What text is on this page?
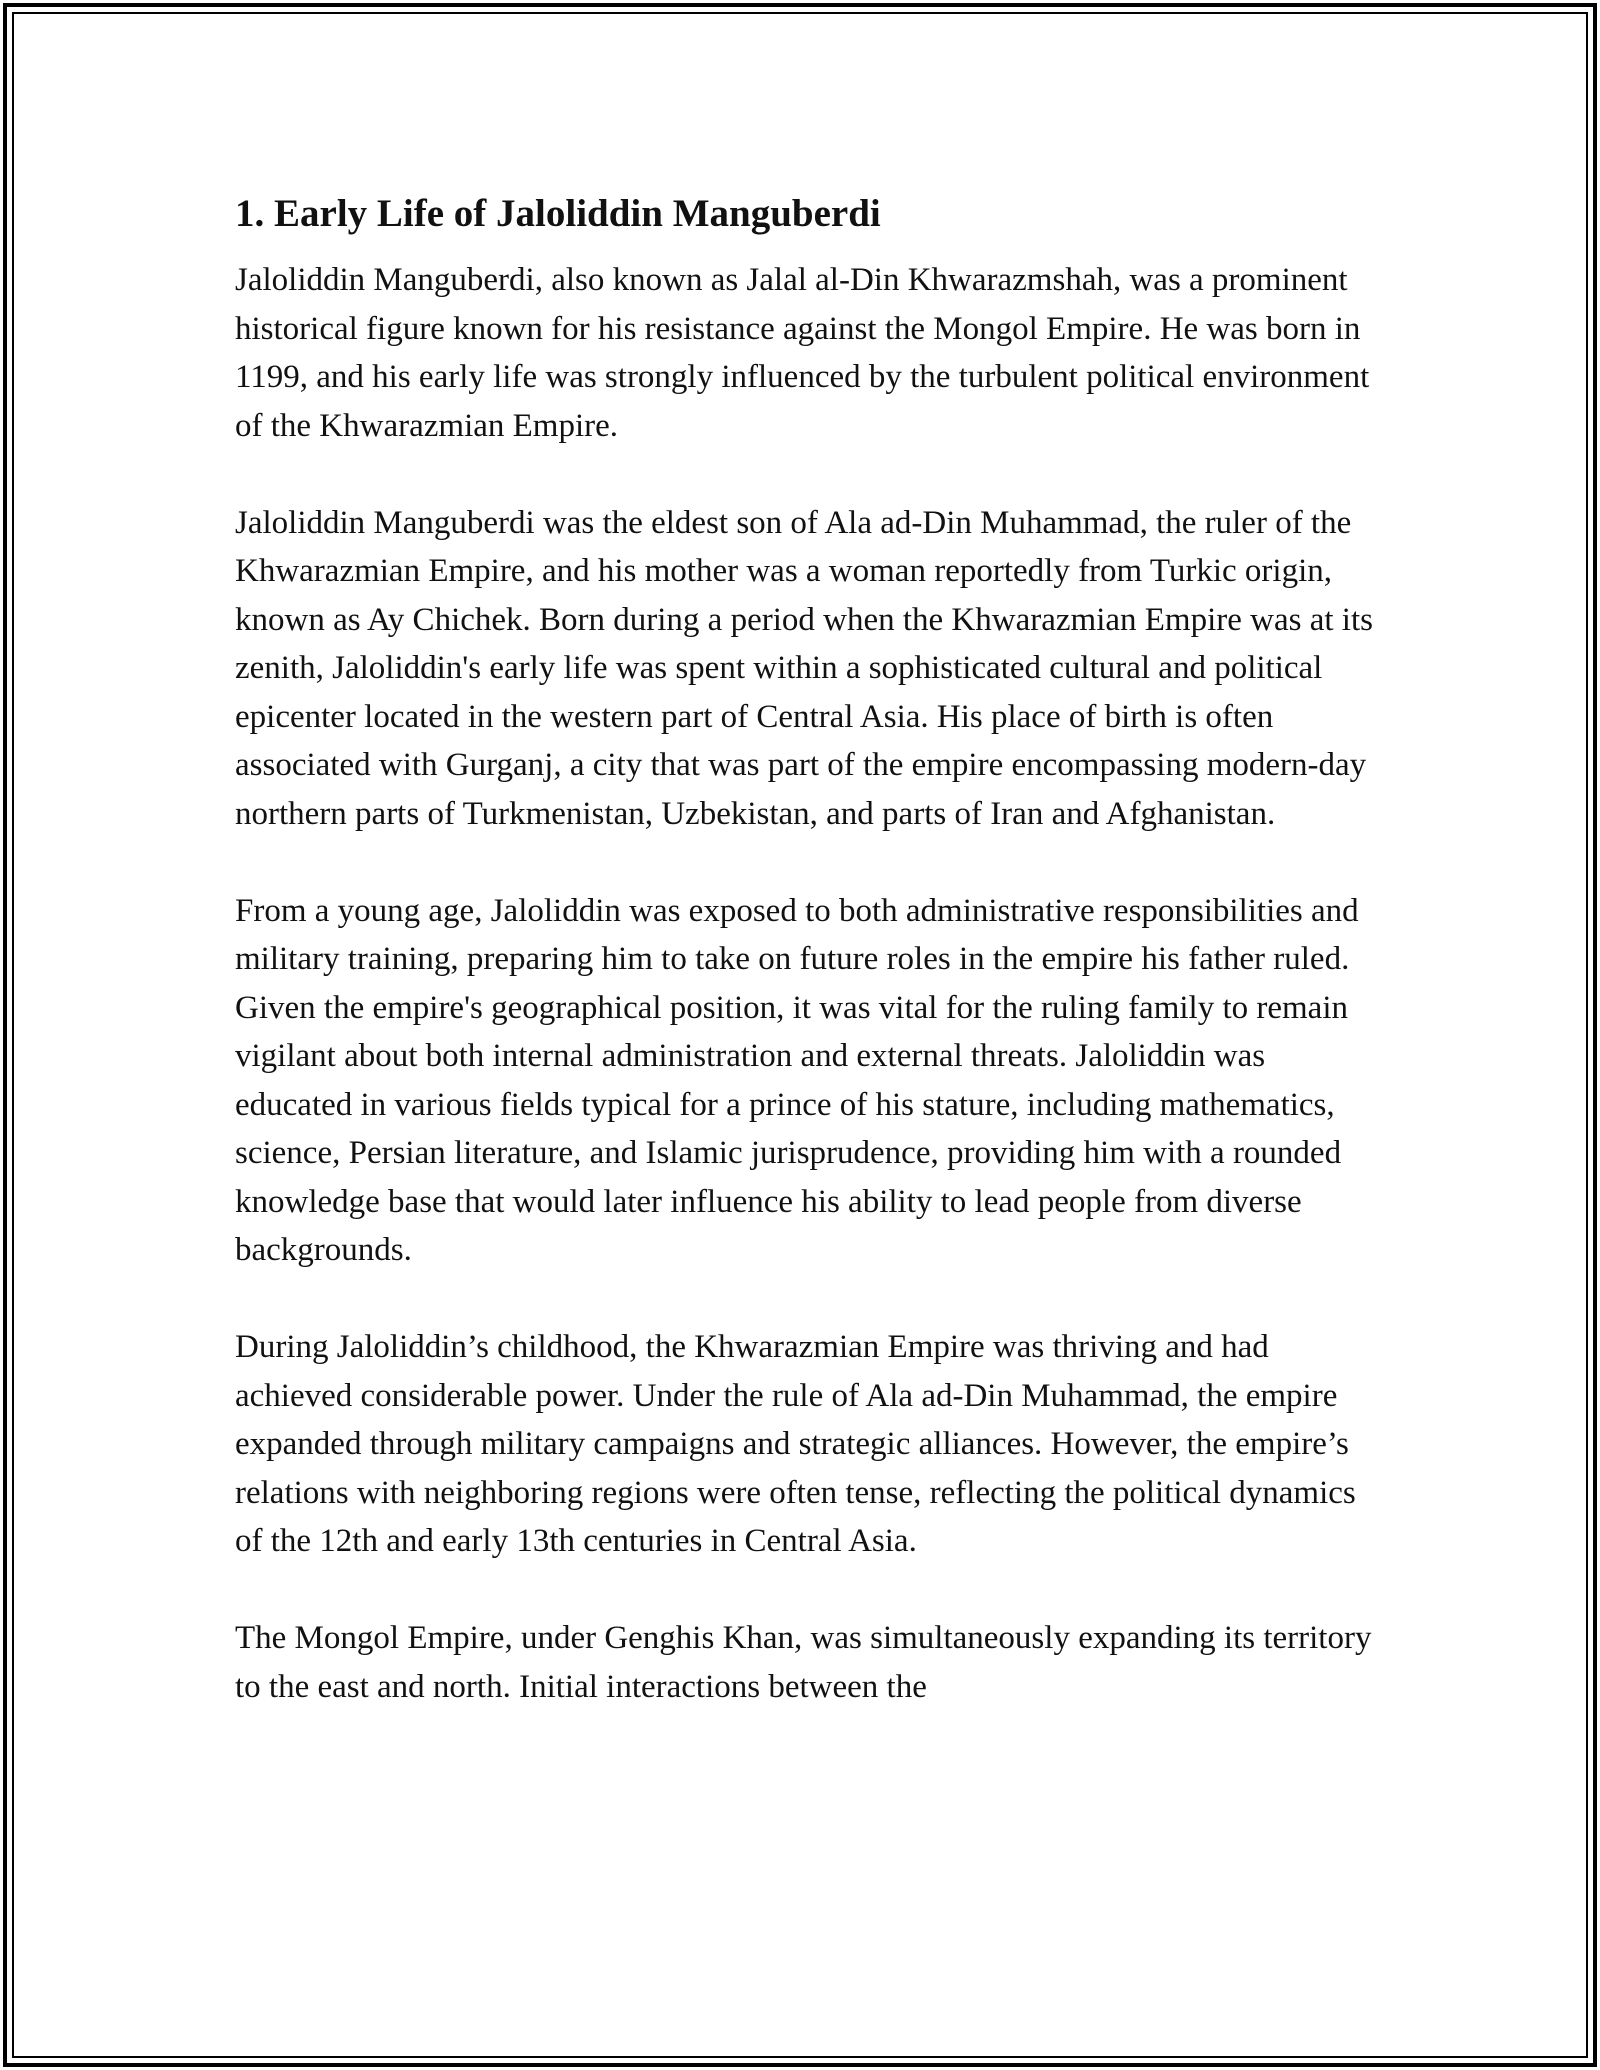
1. Early Life of Jaloliddin Manguberdi

Jaloliddin Manguberdi, also known as Jalal al-Din Khwarazmshah, was a prominent historical figure known for his resistance against the Mongol Empire. He was born in 1199, and his early life was strongly influenced by the turbulent political environment of the Khwarazmian Empire.

Jaloliddin Manguberdi was the eldest son of Ala ad-Din Muhammad, the ruler of the Khwarazmian Empire, and his mother was a woman reportedly from Turkic origin, known as Ay Chichek. Born during a period when the Khwarazmian Empire was at its zenith, Jaloliddin's early life was spent within a sophisticated cultural and political epicenter located in the western part of Central Asia. His place of birth is often associated with Gurganj, a city that was part of the empire encompassing modern-day northern parts of Turkmenistan, Uzbekistan, and parts of Iran and Afghanistan.

From a young age, Jaloliddin was exposed to both administrative responsibilities and military training, preparing him to take on future roles in the empire his father ruled. Given the empire's geographical position, it was vital for the ruling family to remain vigilant about both internal administration and external threats. Jaloliddin was educated in various fields typical for a prince of his stature, including mathematics, science, Persian literature, and Islamic jurisprudence, providing him with a rounded knowledge base that would later influence his ability to lead people from diverse backgrounds.

During Jaloliddin’s childhood, the Khwarazmian Empire was thriving and had achieved considerable power. Under the rule of Ala ad-Din Muhammad, the empire expanded through military campaigns and strategic alliances. However, the empire’s relations with neighboring regions were often tense, reflecting the political dynamics of the 12th and early 13th centuries in Central Asia.

The Mongol Empire, under Genghis Khan, was simultaneously expanding its territory to the east and north. Initial interactions between the
